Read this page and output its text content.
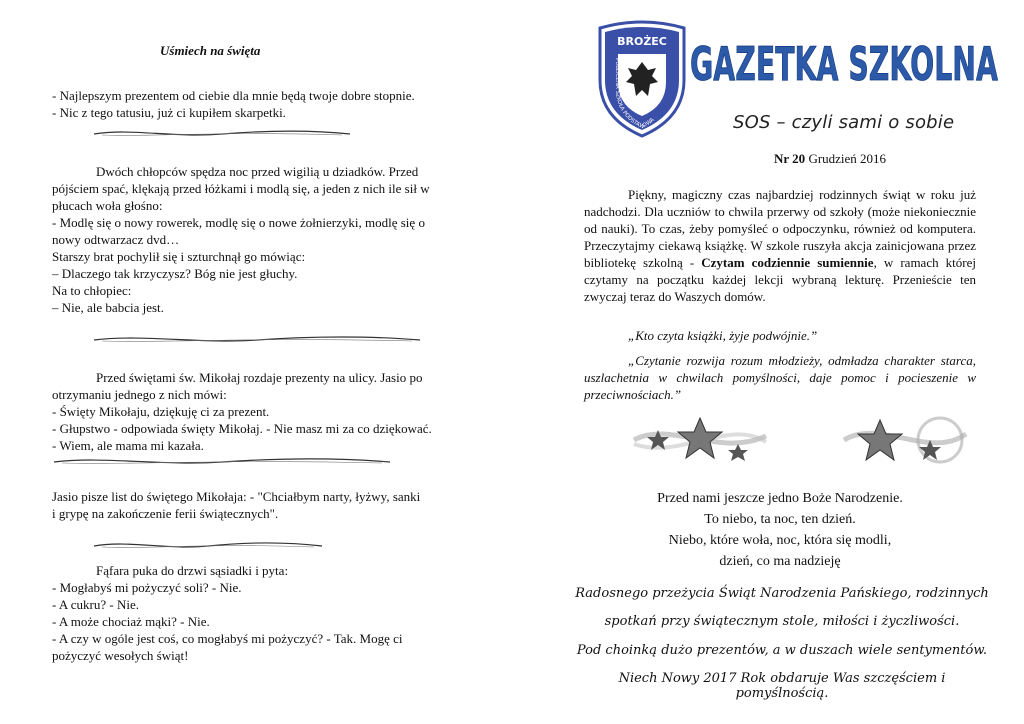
Uśmiech na święta
- Najlepszym prezentem od ciebie dla mnie będą twoje dobre stopnie.
- Nic z tego tatusiu, już ci kupiłem skarpetki.
Dwóch chłopców spędza noc przed wigilią u dziadków. Przed
pójściem spać, klękają przed łóżkami i modlą się, a jeden z nich ile sił w
płucach woła głośno:
- Modlę się o nowy rowerek, modlę się o nowe żołnierzyki, modlę się o
nowy odtwarzacz dvd…
Starszy brat pochylił się i szturchnął go mówiąc:
– Dlaczego tak krzyczysz? Bóg nie jest głuchy.
Na to chłopiec:
– Nie, ale babcia jest.
Przed świętami św. Mikołaj rozdaje prezenty na ulicy. Jasio po
otrzymaniu jednego z nich mówi:
- Święty Mikołaju, dziękuję ci za prezent.
- Głupstwo - odpowiada święty Mikołaj. - Nie masz mi za co dziękować.
- Wiem, ale mama mi kazała.
Jasio pisze list do świętego Mikołaja: - "Chciałbym narty, łyżwy, sanki
i grypę na zakończenie ferii świątecznych".
Fąfara puka do drzwi sąsiadki i pyta:
- Mogłabyś mi pożyczyć soli? - Nie.
- A cukru? - Nie.
- A może chociaż mąki? - Nie.
- A czy w ogóle jest coś, co mogłabyś mi pożyczyć? - Tak. Mogę ci
pożyczyć wesołych świąt!
BROŻEC
PUBLICZNA SZKOŁA PODSTAWOWA
GAZETKA SZKOLNA
SOS – czyli sami o sobie
Nr 20 Grudzień 2016
Piękny, magiczny czas najbardziej rodzinnych świąt w roku już nadchodzi. Dla uczniów to chwila przerwy od szkoły (może niekoniecznie od nauki). To czas, żeby pomyśleć o odpoczynku, również od komputera. Przeczytajmy ciekawą książkę. W szkole ruszyła akcja zainicjowana przez bibliotekę szkolną - Czytam codziennie sumiennie, w ramach której czytamy na początku każdej lekcji wybraną lekturę. Przenieście ten zwyczaj teraz do Waszych domów.
„Kto czyta książki, żyje podwójnie.”
„Czytanie rozwija rozum młodzieży, odmładza charakter starca, uszlachetnia w chwilach pomyślności, daje pomoc i pocieszenie w przeciwnościach.”
Przed nami jeszcze jedno Boże Narodzenie.
To niebo, ta noc, ten dzień.
Niebo, które woła, noc, która się modli,
dzień, co ma nadzieję
Radosnego przeżycia Świąt Narodzenia Pańskiego, rodzinnych
spotkań przy świątecznym stole, miłości i życzliwości.
Pod choinką dużo prezentów, a w duszach wiele sentymentów.
Niech Nowy 2017 Rok obdaruje Was szczęściem i pomyślnością.
